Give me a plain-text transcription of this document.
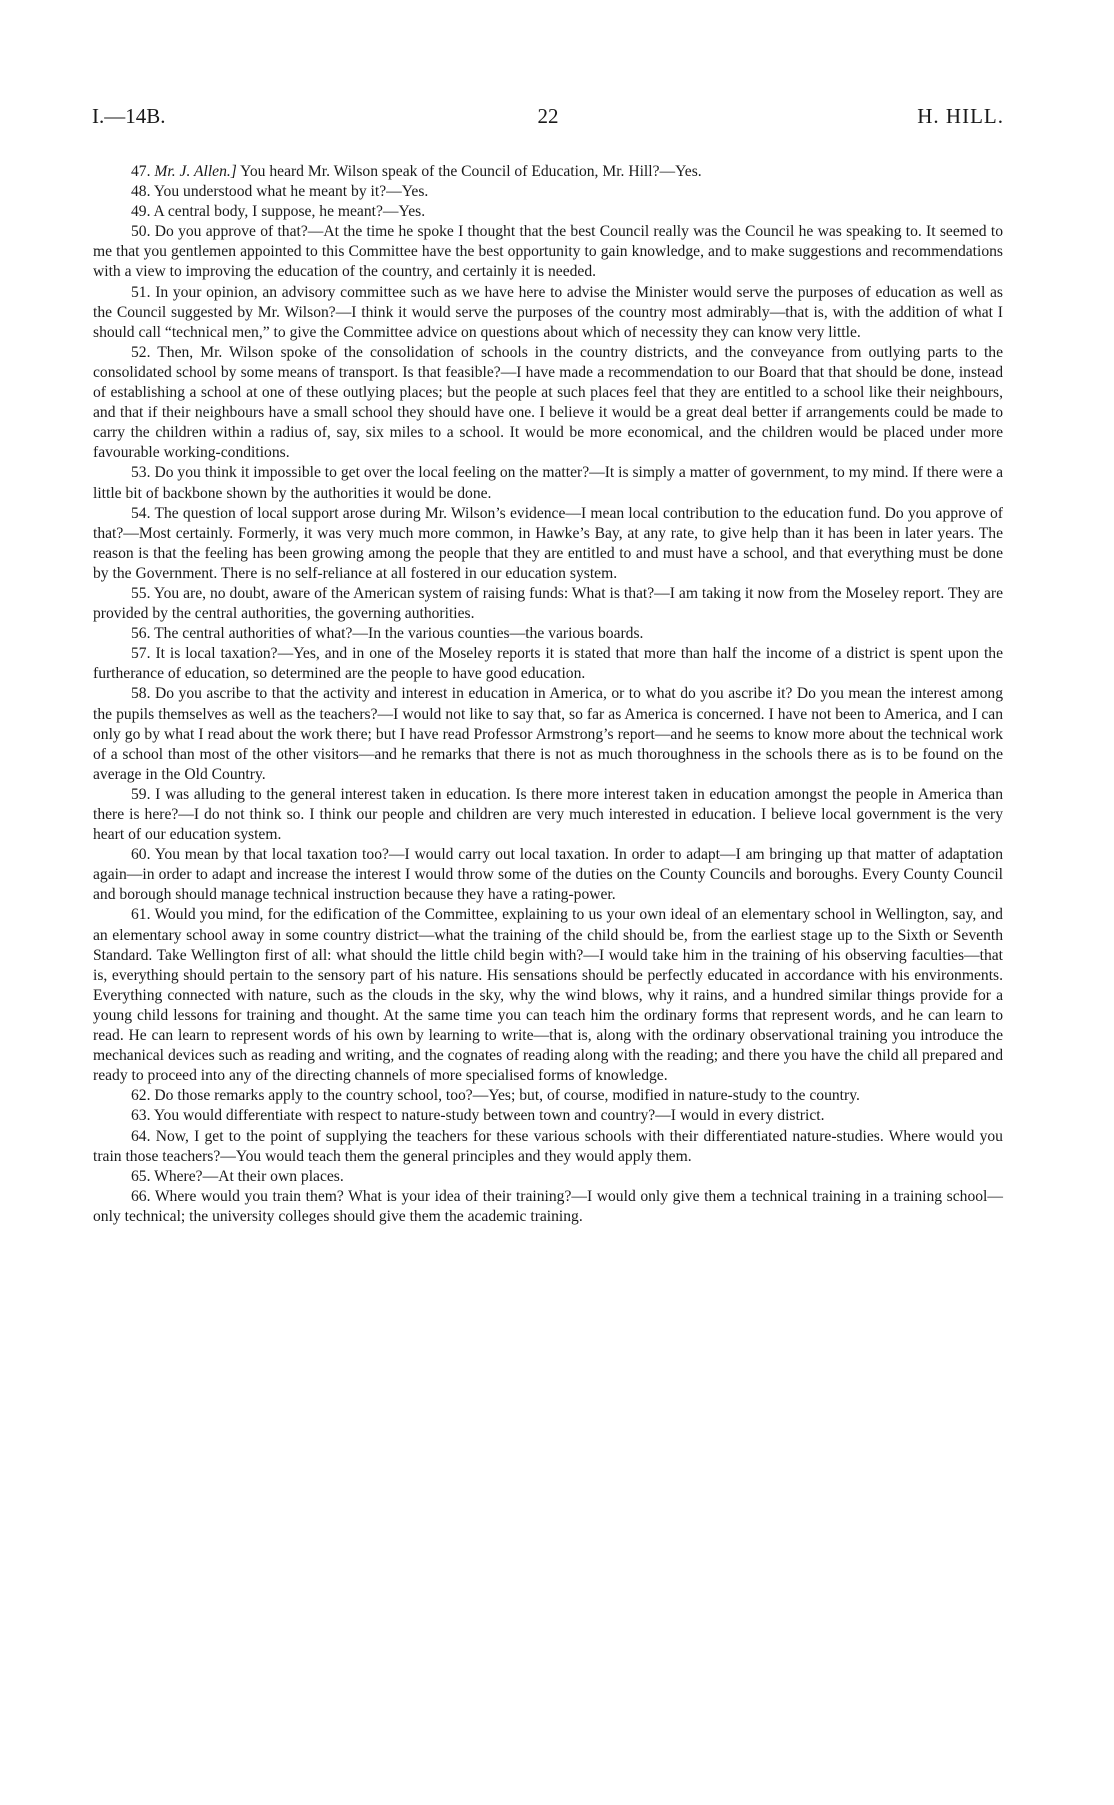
I.—14B.	22	H. HILL.

47. Mr. J. Allen.] You heard Mr. Wilson speak of the Council of Education, Mr. Hill?—Yes.

48. You understood what he meant by it?—Yes.

49. A central body, I suppose, he meant?—Yes.

50. Do you approve of that?—At the time he spoke I thought that the best Council really was the Council he was speaking to. It seemed to me that you gentlemen appointed to this Committee have the best opportunity to gain knowledge, and to make suggestions and recommendations with a view to improving the education of the country, and certainly it is needed.

51. In your opinion, an advisory committee such as we have here to advise the Minister would serve the purposes of education as well as the Council suggested by Mr. Wilson?—I think it would serve the purposes of the country most admirably—that is, with the addition of what I should call “technical men,” to give the Committee advice on questions about which of necessity they can know very little.

52. Then, Mr. Wilson spoke of the consolidation of schools in the country districts, and the conveyance from outlying parts to the consolidated school by some means of transport. Is that feasible?—I have made a recommendation to our Board that that should be done, instead of establishing a school at one of these outlying places; but the people at such places feel that they are entitled to a school like their neighbours, and that if their neighbours have a small school they should have one. I believe it would be a great deal better if arrangements could be made to carry the children within a radius of, say, six miles to a school. It would be more economical, and the children would be placed under more favourable working-conditions.

53. Do you think it impossible to get over the local feeling on the matter?—It is simply a matter of government, to my mind. If there were a little bit of backbone shown by the authorities it would be done.

54. The question of local support arose during Mr. Wilson’s evidence—I mean local contribution to the education fund. Do you approve of that?—Most certainly. Formerly, it was very much more common, in Hawke’s Bay, at any rate, to give help than it has been in later years. The reason is that the feeling has been growing among the people that they are entitled to and must have a school, and that everything must be done by the Government. There is no self-reliance at all fostered in our education system.

55. You are, no doubt, aware of the American system of raising funds: What is that?—I am taking it now from the Moseley report. They are provided by the central authorities, the governing authorities.

56. The central authorities of what?—In the various counties—the various boards.

57. It is local taxation?—Yes, and in one of the Moseley reports it is stated that more than half the income of a district is spent upon the furtherance of education, so determined are the people to have good education.

58. Do you ascribe to that the activity and interest in education in America, or to what do you ascribe it? Do you mean the interest among the pupils themselves as well as the teachers?—I would not like to say that, so far as America is concerned. I have not been to America, and I can only go by what I read about the work there; but I have read Professor Armstrong’s report—and he seems to know more about the technical work of a school than most of the other visitors—and he remarks that there is not as much thoroughness in the schools there as is to be found on the average in the Old Country.

59. I was alluding to the general interest taken in education. Is there more interest taken in education amongst the people in America than there is here?—I do not think so. I think our people and children are very much interested in education. I believe local government is the very heart of our education system.

60. You mean by that local taxation too?—I would carry out local taxation. In order to adapt—I am bringing up that matter of adaptation again—in order to adapt and increase the interest I would throw some of the duties on the County Councils and boroughs. Every County Council and borough should manage technical instruction because they have a rating-power.

61. Would you mind, for the edification of the Committee, explaining to us your own ideal of an elementary school in Wellington, say, and an elementary school away in some country district—what the training of the child should be, from the earliest stage up to the Sixth or Seventh Standard. Take Wellington first of all: what should the little child begin with?—I would take him in the training of his observing faculties—that is, everything should pertain to the sensory part of his nature. His sensations should be perfectly educated in accordance with his environments. Everything connected with nature, such as the clouds in the sky, why the wind blows, why it rains, and a hundred similar things provide for a young child lessons for training and thought. At the same time you can teach him the ordinary forms that represent words, and he can learn to read. He can learn to represent words of his own by learning to write—that is, along with the ordinary observational training you introduce the mechanical devices such as reading and writing, and the cognates of reading along with the reading; and there you have the child all prepared and ready to proceed into any of the directing channels of more specialised forms of knowledge.

62. Do those remarks apply to the country school, too?—Yes; but, of course, modified in nature-study to the country.

63. You would differentiate with respect to nature-study between town and country?—I would in every district.

64. Now, I get to the point of supplying the teachers for these various schools with their differentiated nature-studies. Where would you train those teachers?—You would teach them the general principles and they would apply them.

65. Where?—At their own places.

66. Where would you train them? What is your idea of their training?—I would only give them a technical training in a training school—only technical; the university colleges should give them the academic training.
